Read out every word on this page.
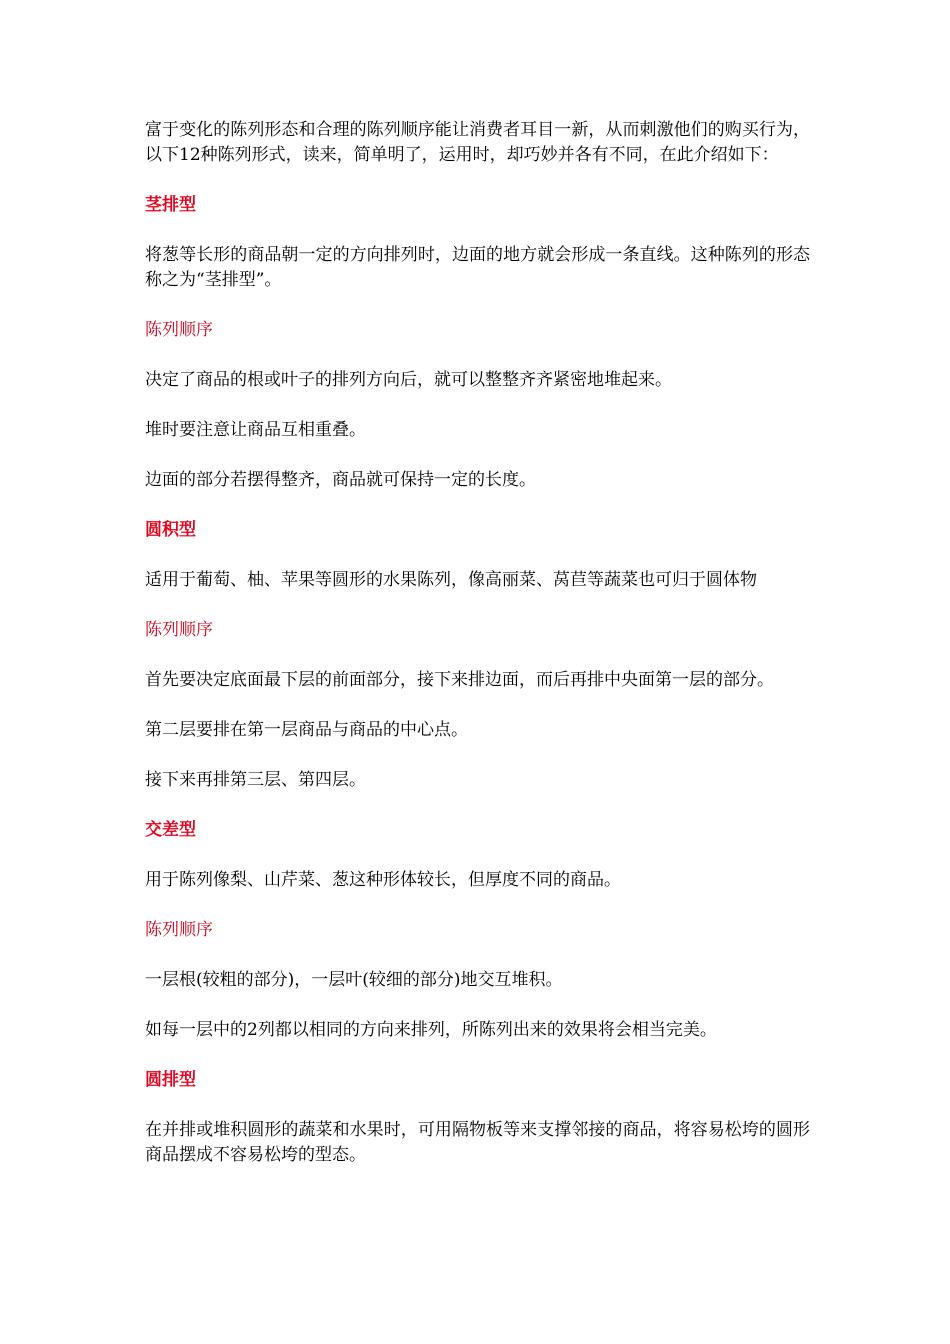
富于变化的陈列形态和合理的陈列顺序能让消费者耳目一新，从而刺激他们的购买行为，以下12种陈列形式，读来，简单明了，运用时，却巧妙并各有不同，在此介绍如下：

茎排型

将葱等长形的商品朝一定的方向排列时，边面的地方就会形成一条直线。这种陈列的形态称之为“茎排型”。

陈列顺序

决定了商品的根或叶子的排列方向后，就可以整整齐齐紧密地堆起来。

堆时要注意让商品互相重叠。

边面的部分若摆得整齐，商品就可保持一定的长度。

圆积型

适用于葡萄、柚、苹果等圆形的水果陈列，像高丽菜、莴苣等蔬菜也可归于圆体物

陈列顺序

首先要决定底面最下层的前面部分，接下来排边面，而后再排中央面第一层的部分。

第二层要排在第一层商品与商品的中心点。

接下来再排第三层、第四层。

交差型

用于陈列像梨、山芹菜、葱这种形体较长，但厚度不同的商品。

陈列顺序

一层根(较粗的部分)，一层叶(较细的部分)地交互堆积。

如每一层中的2列都以相同的方向来排列，所陈列出来的效果将会相当完美。

圆排型

在并排或堆积圆形的蔬菜和水果时，可用隔物板等来支撑邻接的商品，将容易松垮的圆形商品摆成不容易松垮的型态。
